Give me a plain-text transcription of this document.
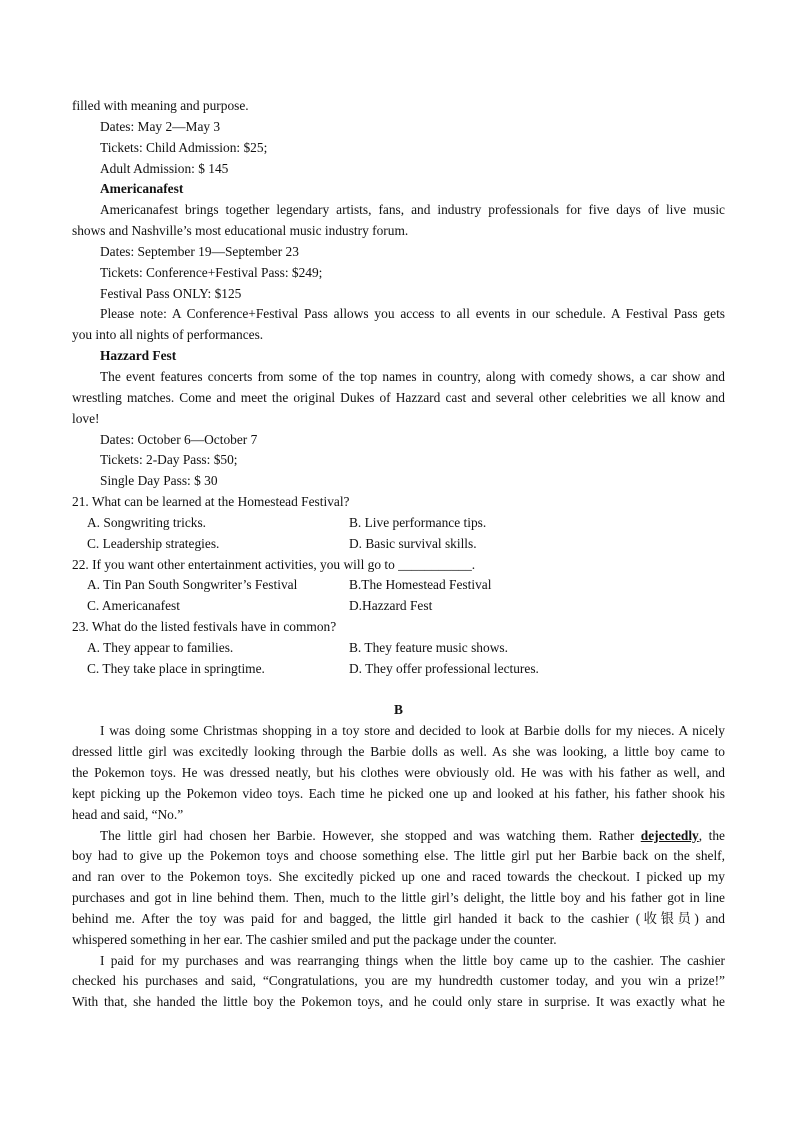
filled with meaning and purpose.
Dates: May 2—May 3
Tickets: Child Admission: $25;
Adult Admission: $ 145
Americanafest
Americanafest brings together legendary artists, fans, and industry professionals for five days of live music
shows and Nashville’s most educational music industry forum.
Dates: September 19—September 23
Tickets: Conference+Festival Pass: $249;
Festival Pass ONLY: $125
Please note: A Conference+Festival Pass allows you access to all events in our schedule. A Festival Pass gets
you into all nights of performances.
Hazzard Fest
The event features concerts from some of the top names in country, along with comedy shows, a car show and
wrestling matches. Come and meet the original Dukes of Hazzard cast and several other celebrities we all know and
love!
Dates: October 6—October 7
Tickets: 2-Day Pass: $50;
Single Day Pass: $ 30
21. What can be learned at the Homestead Festival?
A. Songwriting tricks.	B. Live performance tips.
C. Leadership strategies.	D. Basic survival skills.
22. If you want other entertainment activities, you will go to ___________.
A. Tin Pan South Songwriter’s Festival	B.The Homestead Festival
C. Americanafest	D.Hazzard Fest
23. What do the listed festivals have in common?
A. They appear to families.	B. They feature music shows.
C. They take place in springtime.	D. They offer professional lectures.
B
I was doing some Christmas shopping in a toy store and decided to look at Barbie dolls for my nieces. A nicely
dressed little girl was excitedly looking through the Barbie dolls as well. As she was looking, a little boy came to
the Pokemon toys. He was dressed neatly, but his clothes were obviously old. He was with his father as well, and
kept picking up the Pokemon video toys. Each time he picked one up and looked at his father, his father shook his
head and said, “No.”
The little girl had chosen her Barbie. However, she stopped and was watching them. Rather dejectedly, the
boy had to give up the Pokemon toys and choose something else. The little girl put her Barbie back on the shelf,
and ran over to the Pokemon toys. She excitedly picked up one and raced towards the checkout. I picked up my
purchases and got in line behind them. Then, much to the little girl’s delight, the little boy and his father got in line
behind me. After the toy was paid for and bagged, the little girl handed it back to the cashier (收银员) and
whispered something in her ear. The cashier smiled and put the package under the counter.
I paid for my purchases and was rearranging things when the little boy came up to the cashier. The cashier
checked his purchases and said, “Congratulations, you are my hundredth customer today, and you win a prize!”
With that, she handed the little boy the Pokemon toys, and he could only stare in surprise. It was exactly what he
